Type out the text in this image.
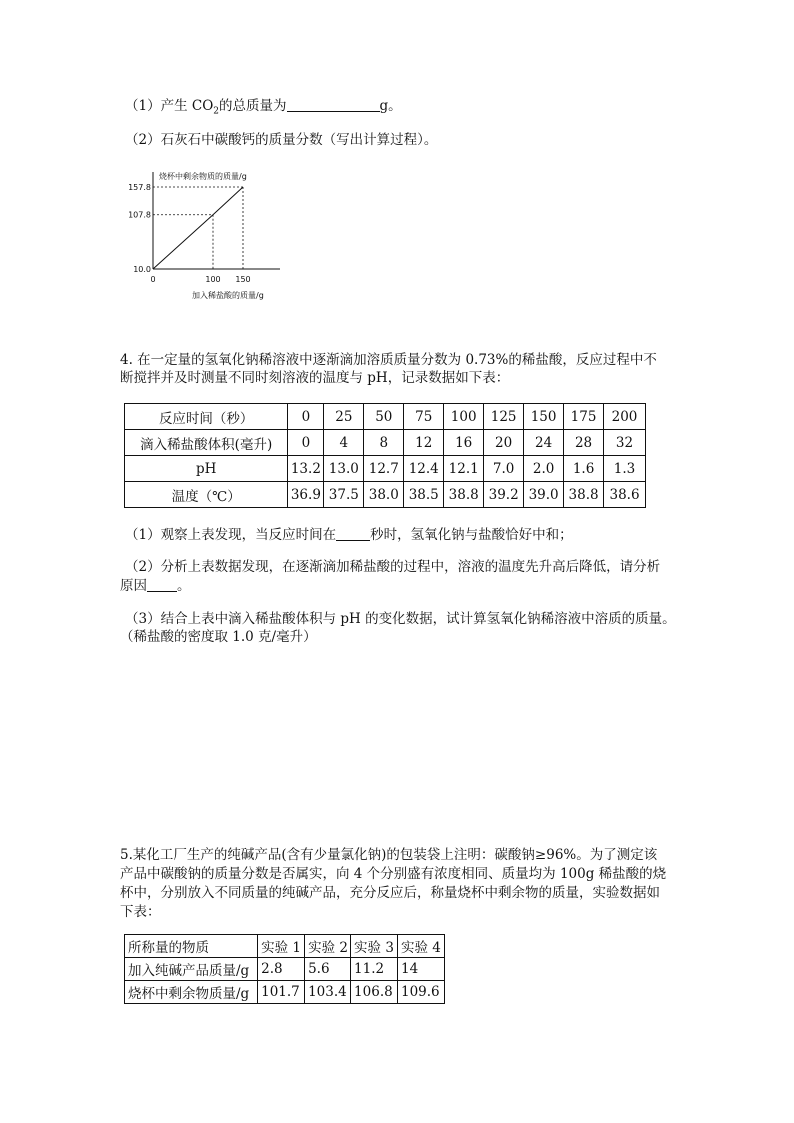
（1）产生 $CO_2$的总质量为	g。
（2）石灰石中碳酸钙的质量分数（写出计算过程）。
10.0
107.8
157.8
0	100 150
烧杯中剩余物质的质量/g
加入稀盐酸的质量/g
4. 在一定量的氢氧化钠稀溶液中逐渐滴加溶质质量分数为 0.73%的稀盐酸，反应过程中不
断搅拌并及时测量不同时刻溶液的温度与 pH，记录数据如下表：
反应时间（秒）	0	25	50	75	100	125	150	175	200
滴入稀盐酸体积(毫升)	0	4	8	12	16	20	24	28	32
pH	13.2	13.0	12.7	12.4	12.1	7.0	2.0	1.6	1.3
温度（℃）	36.9	37.5	38.0	38.5	38.8	39.2	39.0	38.8	38.6
（1）观察上表发现，当反应时间在	秒时，氢氧化钠与盐酸恰好中和；
（2）分析上表数据发现，在逐渐滴加稀盐酸的过程中，溶液的温度先升高后降低，请分析
原因 。
（3）结合上表中滴入稀盐酸体积与 pH 的变化数据，试计算氢氧化钠稀溶液中溶质的质量。
（稀盐酸的密度取 1.0 克/毫升）
5.某化工厂生产的纯碱产品(含有少量氯化钠)的包装袋上注明：碳酸钠≥96%。为了测定该
产品中碳酸钠的质量分数是否属实，向 4 个分别盛有浓度相同、质量均为 100g 稀盐酸的烧
杯中，分别放入不同质量的纯碱产品，充分反应后，称量烧杯中剩余物的质量，实验数据如
下表：
所称量的物质	实验 1	实验 2	实验 3	实验 4
加入纯碱产品质量/g	2.8	5.6	11.2	14
烧杯中剩余物质量/g	101.7	103.4	106.8	109.6
